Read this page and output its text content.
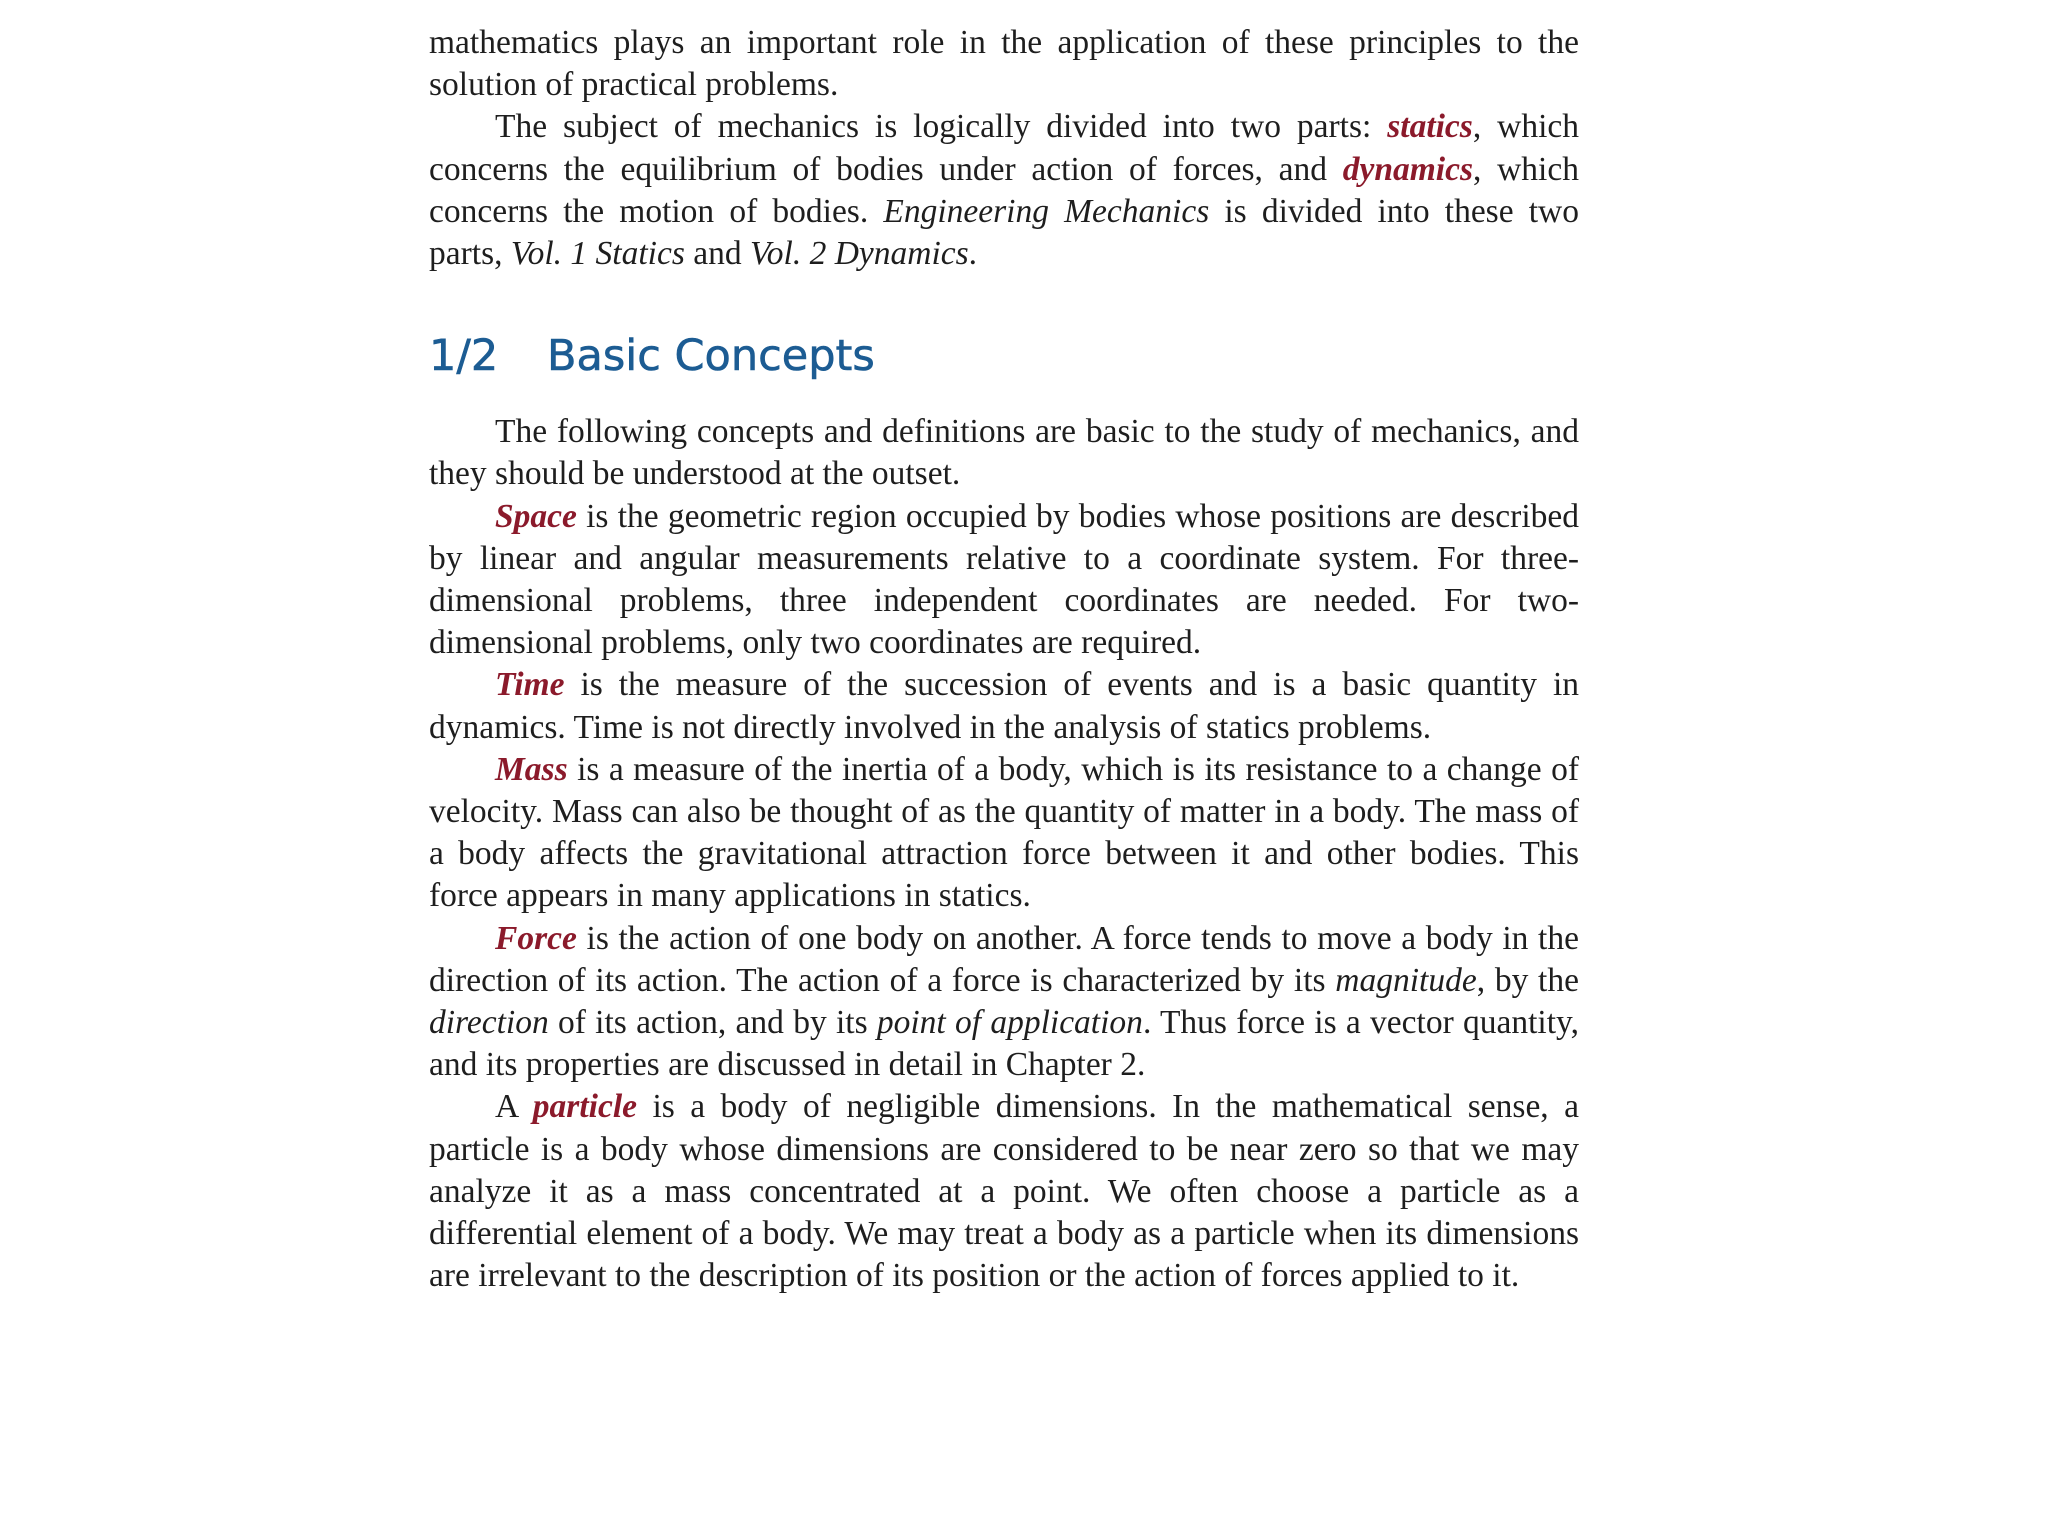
mathematics plays an important role in the application of these principles to the solution of practical problems.

The subject of mechanics is logically divided into two parts: statics, which concerns the equilibrium of bodies under action of forces, and dynamics, which concerns the motion of bodies. Engineering Mechanics is divided into these two parts, Vol. 1 Statics and Vol. 2 Dynamics.

1/2 Basic Concepts

The following concepts and definitions are basic to the study of mechanics, and they should be understood at the outset.

Space is the geometric region occupied by bodies whose positions are described by linear and angular measurements relative to a coordinate system. For three-dimensional problems, three independent coordinates are needed. For two-dimensional problems, only two coordinates are required.

Time is the measure of the succession of events and is a basic quantity in dynamics. Time is not directly involved in the analysis of statics problems.

Mass is a measure of the inertia of a body, which is its resistance to a change of velocity. Mass can also be thought of as the quantity of matter in a body. The mass of a body affects the gravitational attraction force between it and other bodies. This force appears in many applications in statics.

Force is the action of one body on another. A force tends to move a body in the direction of its action. The action of a force is characterized by its magnitude, by the direction of its action, and by its point of application. Thus force is a vector quantity, and its properties are discussed in detail in Chapter 2.

A particle is a body of negligible dimensions. In the mathematical sense, a particle is a body whose dimensions are considered to be near zero so that we may analyze it as a mass concentrated at a point. We often choose a particle as a differential element of a body. We may treat a body as a particle when its dimensions are irrelevant to the description of its position or the action of forces applied to it.
